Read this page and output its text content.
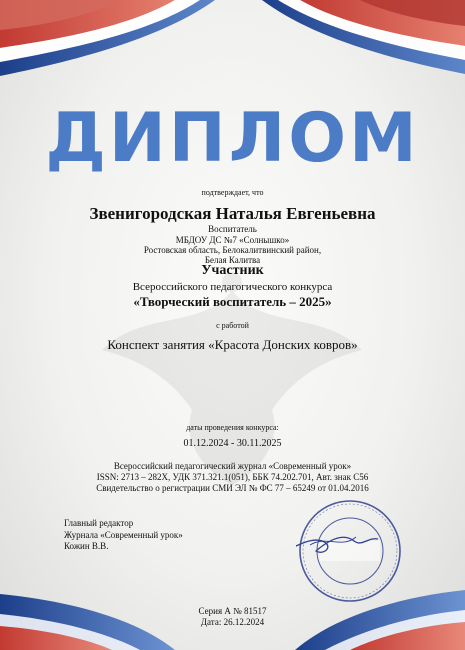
ДИПЛОМ
подтверждает, что
Звенигородская Наталья Евгеньевна
Воспитатель
МБДОУ ДС №7 «Солнышко»
Ростовская область, Белокалитвинский район,
Белая Калитва
Участник
Всероссийского педагогического конкурса
«Творческий воспитатель – 2025»
с работой
Конспект занятия «Красота Донских ковров»
даты проведения конкурса:
01.12.2024 - 30.11.2025
Всероссийский педагогический журнал «Современный урок»
ISSN: 2713 – 282X, УДК 371.321.1(051), ББК 74.202.701, Авт. знак С56
Свидетельство о регистрации СМИ ЭЛ № ФС 77 – 65249 от 01.04.2016
Главный редактор
Журнала «Современный урок»
Кожин В.В.
Серия А № 81517
Дата: 26.12.2024
